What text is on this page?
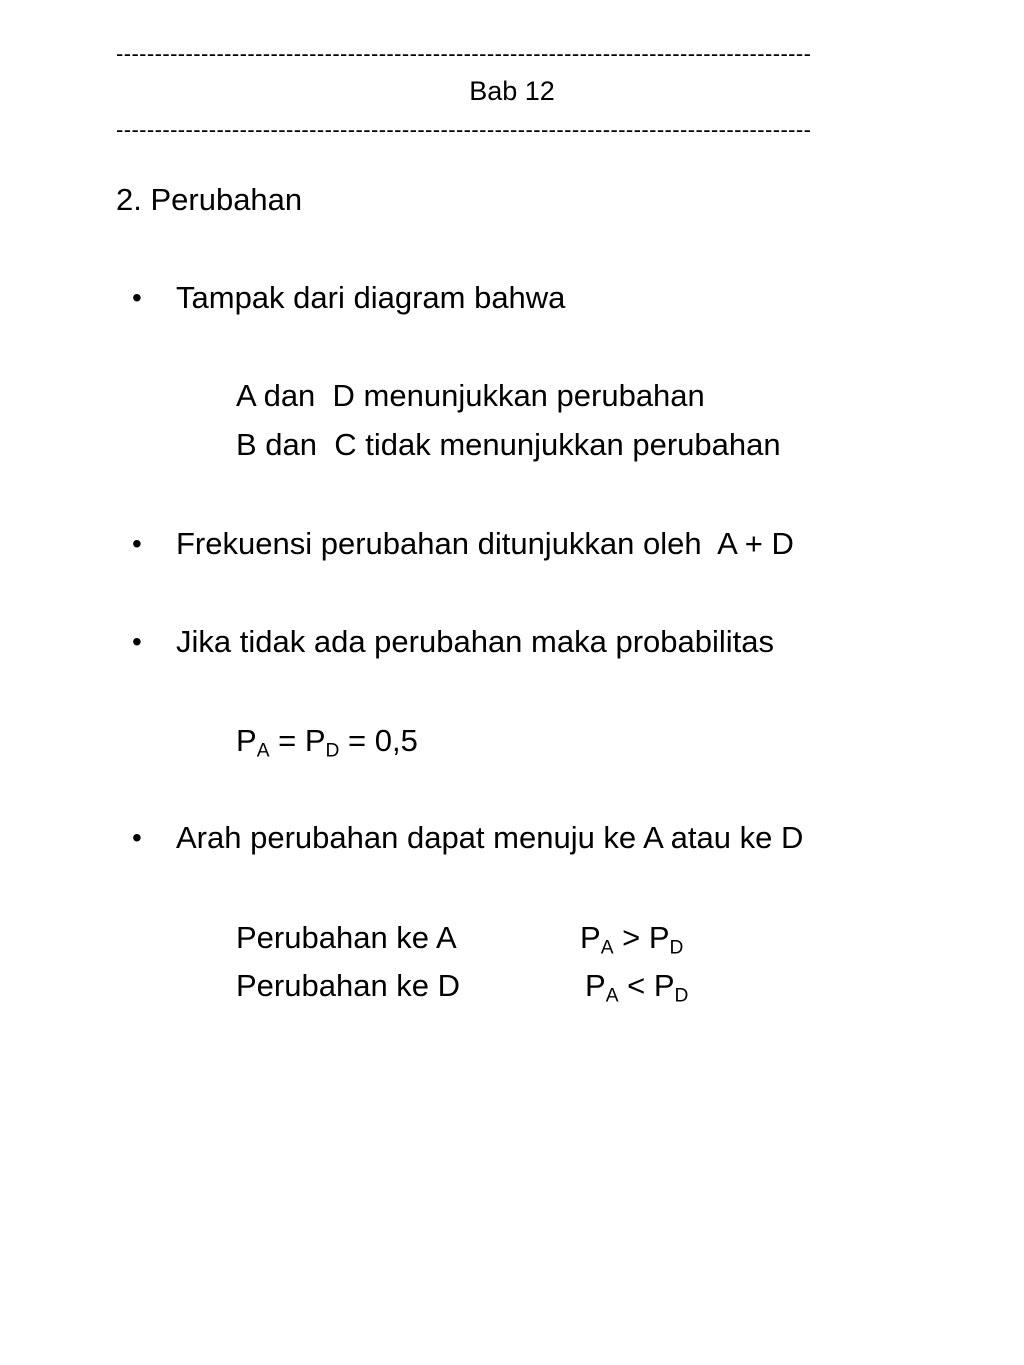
------------------------------------------------------------------------------------------
Bab 12
------------------------------------------------------------------------------------------
2. Perubahan
• Tampak dari diagram bahwa
A dan  D menunjukkan perubahan
B dan  C tidak menunjukkan perubahan
• Frekuensi perubahan ditunjukkan oleh  A + D
• Jika tidak ada perubahan maka probabilitas
$P_A = P_D = 0,5$
• Arah perubahan dapat menuju ke A atau ke D
Perubahan ke A	$P_A > P_D$
Perubahan ke D	$P_A < P_D$
